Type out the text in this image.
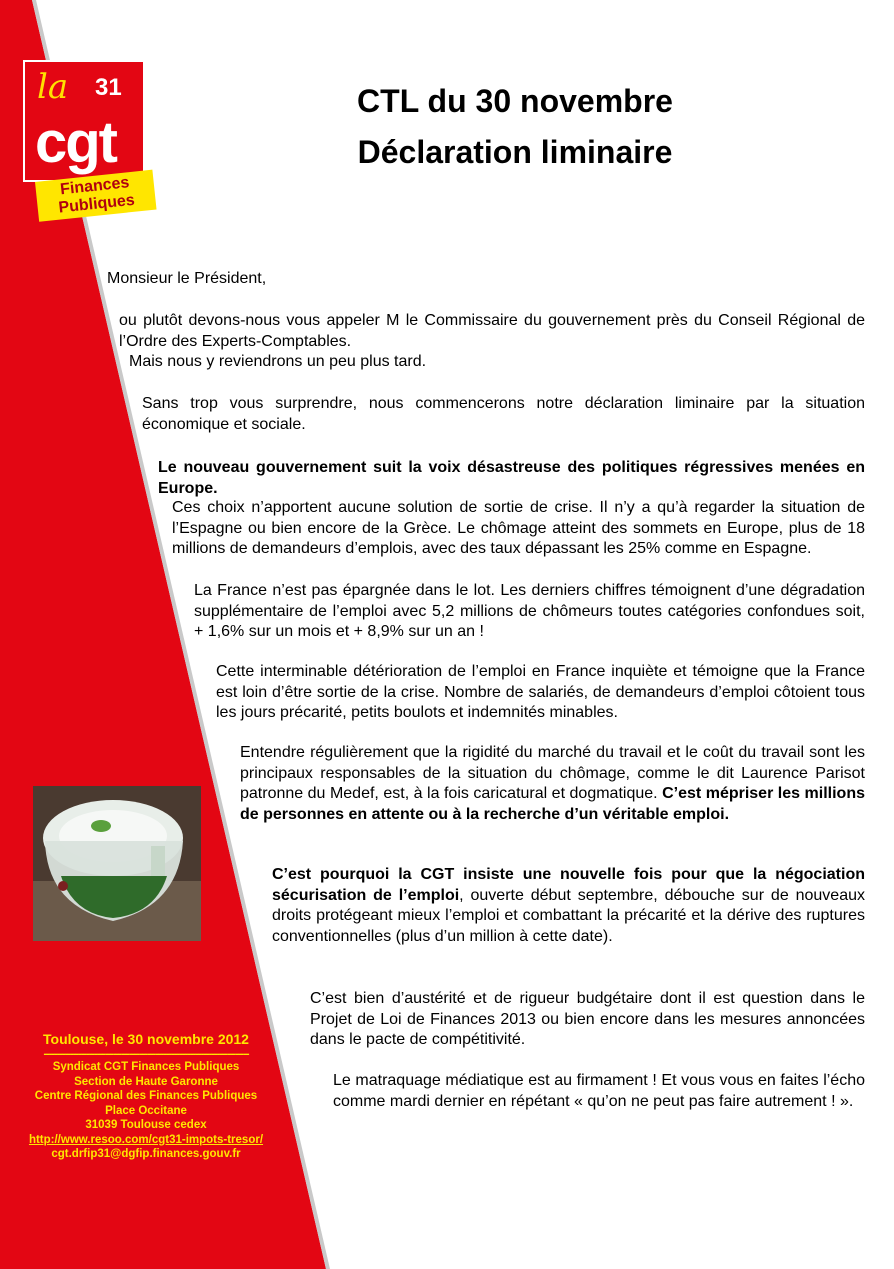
la 31
cgt
Finances
Publiques
CTL du 30 novembre
Déclaration liminaire

Monsieur le Président,

ou plutôt devons-nous vous appeler M le Commissaire du gouvernement près du Conseil Régional de l’Ordre des Experts-Comptables.

Mais nous y reviendrons un peu plus tard.

Sans trop vous surprendre, nous commencerons notre déclaration liminaire par la situation économique et sociale.

Le nouveau gouvernement suit la voix désastreuse des politiques régressives menées en Europe.

Ces choix n’apportent aucune solution de sortie de crise. Il n’y a qu’à regarder la situation de l’Espagne ou bien encore de la Grèce. Le chômage atteint des sommets en Europe, plus de 18 millions de demandeurs d’emplois, avec des taux dépassant les 25% comme en Espagne.

La France n’est pas épargnée dans le lot. Les derniers chiffres témoignent d’une dégradation supplémentaire de l’emploi avec 5,2 millions de chômeurs toutes catégories confondues soit, + 1,6% sur un mois et + 8,9% sur un an !

Cette interminable détérioration de l’emploi en France inquiète et témoigne que la France est loin d’être sortie de la crise. Nombre de salariés, de demandeurs d’emploi côtoient tous les jours précarité, petits boulots et indemnités minables.

Entendre régulièrement que la rigidité du marché du travail et le coût du travail sont les principaux responsables de la situation du chômage, comme le dit Laurence Parisot patronne du Medef, est, à la fois caricatural et dogmatique. C’est mépriser les millions de personnes en attente ou à la recherche d’un véritable emploi.

C’est pourquoi la CGT insiste une nouvelle fois pour que la négociation sécurisation de l’emploi, ouverte début septembre, débouche sur de nouveaux droits protégeant mieux l’emploi et combattant la précarité et la dérive des ruptures conventionnelles (plus d’un million à cette date).

C’est bien d’austérité et de rigueur budgétaire dont il est question dans le Projet de Loi de Finances 2013 ou bien encore dans les mesures annoncées dans le pacte de compétitivité.

Le matraquage médiatique est au firmament ! Et vous vous en faites l’écho comme mardi dernier en répétant « qu’on ne peut pas faire autrement ! ».

Toulouse, le 30 novembre 2012
-----------------------------------------------------------------------------
Syndicat CGT Finances Publiques
Section de Haute Garonne
Centre Régional des Finances Publiques
Place Occitane
31039 Toulouse cedex
http://www.resoo.com/cgt31-impots-tresor/
cgt.drfip31@dgfip.finances.gouv.fr
